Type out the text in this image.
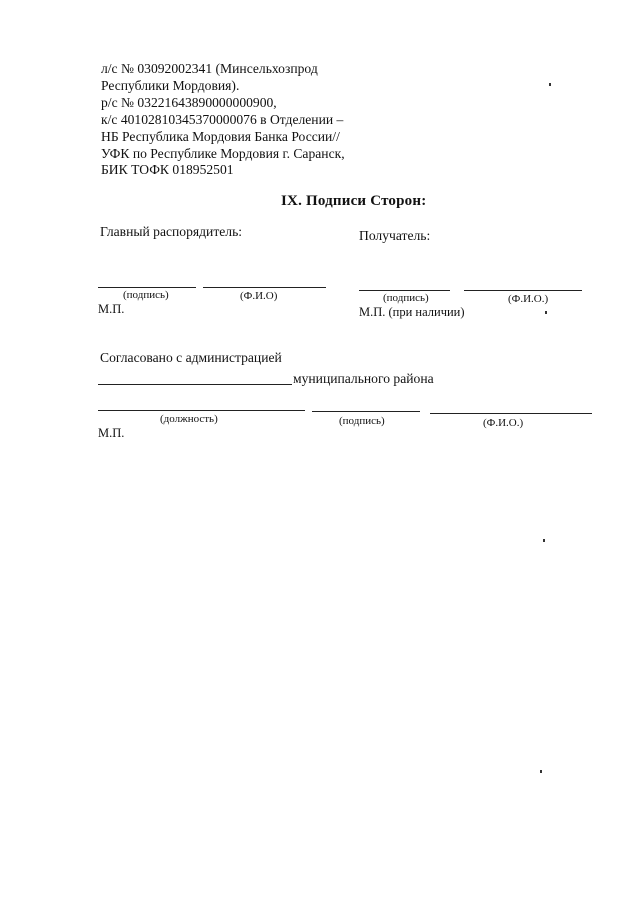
л/с № 03092002341 (Минсельхозпрод
Республики Мордовия).
р/с № 03221643890000000900,
к/с 40102810345370000076 в Отделении –
НБ Республика Мордовия Банка России//
УФК по Республике Мордовия г. Саранск,
БИК ТОФК 018952501
IX. Подписи Сторон:
Главный распорядитель:
(подпись)	(Ф.И.О)
М.П.
Получатель:
(подпись)	(Ф.И.О.)
М.П. (при наличии)
Согласовано с администрацией
муниципального района
(должность)	(подпись)	(Ф.И.О.)
М.П.
